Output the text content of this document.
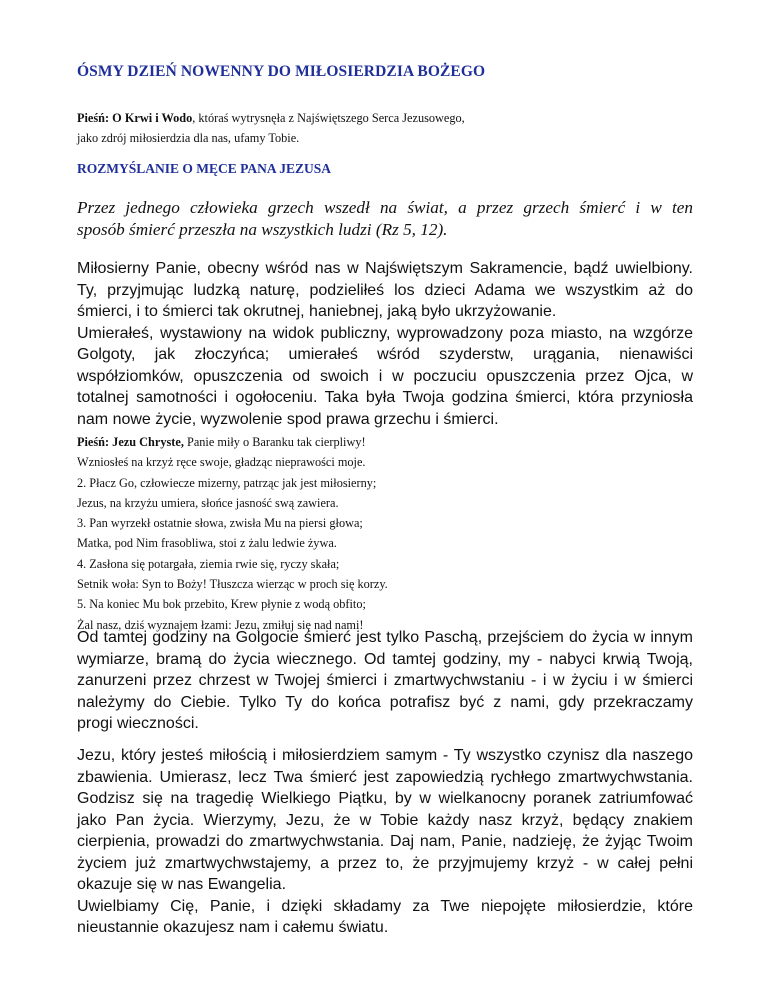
ÓSMY DZIEŃ NOWENNY DO MIŁOSIERDZIA BOŻEGO

Pieśń: O Krwi i Wodo, któraś wytrysnęła z Najświętszego Serca Jezusowego,
jako zdrój miłosierdzia dla nas, ufamy Tobie.

ROZMYŚLANIE O MĘCE PANA JEZUSA

Przez jednego człowieka grzech wszedł na świat, a przez grzech śmierć i w ten
sposób śmierć przeszła na wszystkich ludzi (Rz 5, 12).

Miłosierny Panie, obecny wśród nas w Najświętszym Sakramencie, bądź uwielbiony.
Ty, przyjmując ludzką naturę, podzieliłeś los dzieci Adama we wszystkim aż do
śmierci, i to śmierci tak okrutnej, haniebnej, jaką było ukrzyżowanie.
Umierałeś, wystawiony na widok publiczny, wyprowadzony poza miasto, na wzgórze
Golgoty, jak złoczyńca; umierałeś wśród szyderstw, urągania, nienawiści
współziomków, opuszczenia od swoich i w poczuciu opuszczenia przez Ojca, w
totalnej samotności i ogołoceniu. Taka była Twoja godzina śmierci, która przyniosła
nam nowe życie, wyzwolenie spod prawa grzechu i śmierci.

Pieśń: Jezu Chryste, Panie miły o Baranku tak cierpliwy!
Wzniosłeś na krzyż ręce swoje, gładząc nieprawości moje.
2. Płacz Go, człowiecze mizerny, patrząc jak jest miłosierny;
Jezus, na krzyżu umiera, słońce jasność swą zawiera.
3. Pan wyrzekł ostatnie słowa, zwisła Mu na piersi głowa;
Matka, pod Nim frasobliwa, stoi z żalu ledwie żywa.
4. Zasłona się potargała, ziemia rwie się, ryczy skała;
Setnik woła: Syn to Boży! Tłuszcza wierząc w proch się korzy.
5. Na koniec Mu bok przebito, Krew płynie z wodą obfito;
Żal nasz, dziś wyznajem łzami: Jezu, zmiłuj się nad nami!

Od tamtej godziny na Golgocie śmierć jest tylko Paschą, przejściem do życia w innym
wymiarze, bramą do życia wiecznego. Od tamtej godziny, my - nabyci krwią Twoją,
zanurzeni przez chrzest w Twojej śmierci i zmartwychwstaniu - i w życiu i w śmierci
należymy do Ciebie. Tylko Ty do końca potrafisz być z nami, gdy przekraczamy
progi wieczności.

Jezu, który jesteś miłością i miłosierdziem samym - Ty wszystko czynisz dla naszego
zbawienia. Umierasz, lecz Twa śmierć jest zapowiedzią rychłego zmartwychwstania.
Godzisz się na tragedię Wielkiego Piątku, by w wielkanocny poranek zatriumfować
jako Pan życia. Wierzymy, Jezu, że w Tobie każdy nasz krzyż, będący znakiem
cierpienia, prowadzi do zmartwychwstania. Daj nam, Panie, nadzieję, że żyjąc Twoim
życiem już zmartwychwstajemy, a przez to, że przyjmujemy krzyż - w całej pełni
okazuje się w nas Ewangelia.
Uwielbiamy Cię, Panie, i dzięki składamy za Twe niepojęte miłosierdzie, które
nieustannie okazujesz nam i całemu światu.
